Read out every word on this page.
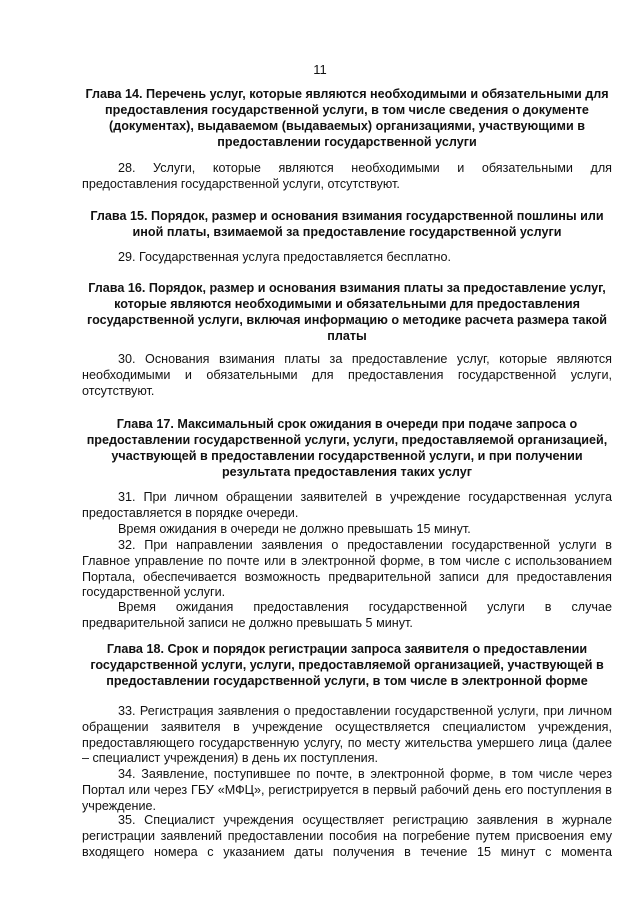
11
Глава 14. Перечень услуг, которые являются необходимыми и обязательными для предоставления государственной услуги, в том числе сведения о документе (документах), выдаваемом (выдаваемых) организациями, участвующими в предоставлении государственной услуги
28. Услуги, которые являются необходимыми и обязательными для предоставления государственной услуги, отсутствуют.
Глава 15. Порядок, размер и основания взимания государственной пошлины или иной платы, взимаемой за предоставление государственной услуги
29. Государственная услуга предоставляется бесплатно.
Глава 16. Порядок, размер и основания взимания платы за предоставление услуг, которые являются необходимыми и обязательными для предоставления государственной услуги, включая информацию о методике расчета размера такой платы
30. Основания взимания платы за предоставление услуг, которые являются необходимыми и обязательными для предоставления государственной услуги, отсутствуют.
Глава 17. Максимальный срок ожидания в очереди при подаче запроса о предоставлении государственной услуги, услуги, предоставляемой организацией, участвующей в предоставлении государственной услуги, и при получении результата предоставления таких услуг
31. При личном обращении заявителей в учреждение государственная услуга предоставляется в порядке очереди.
Время ожидания в очереди не должно превышать 15 минут.
32. При направлении заявления о предоставлении государственной услуги в Главное управление по почте или в электронной форме, в том числе с использованием Портала, обеспечивается возможность предварительной записи для предоставления государственной услуги.
Время ожидания предоставления государственной услуги в случае предварительной записи не должно превышать 5 минут.
Глава 18. Срок и порядок регистрации запроса заявителя о предоставлении государственной услуги, услуги, предоставляемой организацией, участвующей в предоставлении государственной услуги, в том числе в электронной форме
33. Регистрация заявления о предоставлении государственной услуги, при личном обращении заявителя в учреждение осуществляется специалистом учреждения, предоставляющего государственную услугу, по месту жительства умершего лица (далее – специалист учреждения) в день их поступления.
34. Заявление, поступившее по почте, в электронной форме, в том числе через Портал или через ГБУ «МФЦ», регистрируется в первый рабочий день его поступления в учреждение.
35. Специалист учреждения осуществляет регистрацию заявления в журнале регистрации заявлений предоставлении пособия на погребение путем присвоения ему входящего номера с указанием даты получения в течение 15 минут с момента
